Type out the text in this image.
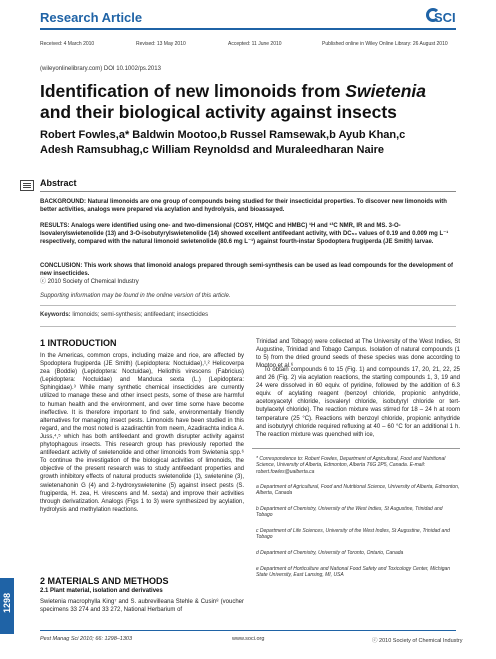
Research Article	SCI
Received: 4 March 2010	Revised: 13 May 2010	Accepted: 11 June 2010	Published online in Wiley Online Library: 26 August 2010
(wileyonlinelibrary.com) DOI 10.1002/ps.2013
Identification of new limonoids from Swietenia
and their biological activity against insects
Robert Fowles,a* Baldwin Mootoo,b Russel Ramsewak,b Ayub Khan,c
Adesh Ramsubhag,c William Reynoldsd and Muraleedharan Naire
Abstract
BACKGROUND: Natural limonoids are one group of compounds being studied for their insecticidal properties. To discover new limonoids with better activities, analogs were prepared via acylation and hydrolysis, and bioassayed.
RESULTS: Analogs were identified using one- and two-dimensional (COSY, HMQC and HMBC) ¹H and ¹³C NMR, IR and MS. 3-O-Isovalerylswietenolide (13) and 3-O-isobutyrylswietenolide (14) showed excellent antifeedant activity, with DC₅₀ values of 0.19 and 0.009 mg L⁻¹ respectively, compared with the natural limonoid swietenolide (80.6 mg L⁻¹) against fourth-instar Spodoptera frugiperda (JE Smith) larvae.
CONCLUSION: This work shows that limonoid analogs prepared through semi-synthesis can be used as lead compounds for the development of new insecticides.
ⓒ 2010 Society of Chemical Industry
Supporting information may be found in the online version of this article.
Keywords: limonoids; semi-synthesis; antifeedant; insecticides
1 INTRODUCTION
In the Americas, common crops, including maize and rice, are affected by Spodoptera frugiperda (JE Smith) (Lepidoptera: Noctuidae),¹,² Helicoverpa zea (Boddie) (Lepidoptera: Noctuidae), Heliothis virescens (Fabricius) (Lepidoptera: Noctuidae) and Manduca sexta (L.) (Lepidoptera: Sphingidae).³ While many synthetic chemical insecticides are currently utilized to manage these and other insect pests, some of these are harmful to human health and the environment, and over time some have become ineffective. It is therefore important to find safe, environmentally friendly alternatives for managing insect pests. Limonoids have been studied in this regard, and the most noted is azadirachtin from neem, Azadirachta indica A. Juss,⁴,⁵ which has both antifeedant and growth disrupter activity against phytophagous insects. This research group has previously reported the antifeedant activity of swietenolide and other limonoids from Swietenia spp.⁶ To continue the investigation of the biological activities of limonoids, the objective of the present research was to study antifeedant properties and growth inhibitory effects of natural products swietenolide (1), swietenine (3), swietenahonin G (4) and 2-hydroxyswietenine (5) against insect pests (S. frugiperda, H. zea, H. virescens and M. sexta) and improve their activities through derivatization. Analogs (Figs 1 to 3) were synthesized by acylation, hydrolysis and methylation reactions.
2 MATERIALS AND METHODS
2.1 Plant material, isolation and derivatives
Swietenia macrophylla King⁷ and S. aubrevilleana Stehle & Cusin⁸ (voucher specimens 33 274 and 33 272, National Herbarium of
Trinidad and Tobago) were collected at The University of the West Indies, St Augustine, Trinidad and Tobago Campus. Isolation of natural compounds (1 to 5) from the dried ground seeds of these species was done according to Mootoo et al.⁶
To obtain compounds 6 to 15 (Fig. 1) and compounds 17, 20, 21, 22, 25 and 26 (Fig. 2) via acylation reactions, the starting compounds 1, 3, 19 and 24 were dissolved in 60 equiv. of pyridine, followed by the addition of 6.3 equiv. of acylating reagent (benzoyl chloride, propionic anhydride, acetoxyacetyl chloride, isovaleryl chloride, isobutyryl chloride or tert-butylacetyl chloride). The reaction mixture was stirred for 18 – 24 h at room temperature (25 °C). Reactions with benzoyl chloride, propionic anhydride and isobutyryl chloride required refluxing at 40 – 60 °C for an additional 1 h. The reaction mixture was quenched with ice,
* Correspondence to: Robert Fowles, Department of Agricultural, Food and Nutritional Science, University of Alberta, Edmonton, Alberta T6G 2P5, Canada. E-mail: robert.fowles@ualberta.ca
a Department of Agricultural, Food and Nutritional Science, University of Alberta, Edmonton, Alberta, Canada
b Department of Chemistry, University of the West Indies, St Augustine, Trinidad and Tobago
c Department of Life Sciences, University of the West Indies, St Augustine, Trinidad and Tobago
d Department of Chemistry, University of Toronto, Ontario, Canada
e Department of Horticulture and National Food Safety and Toxicology Center, Michigan State University, East Lansing, MI, USA
1298
Pest Manag Sci 2010; 66: 1298–1303	www.soci.org	ⓒ 2010 Society of Chemical Industry
